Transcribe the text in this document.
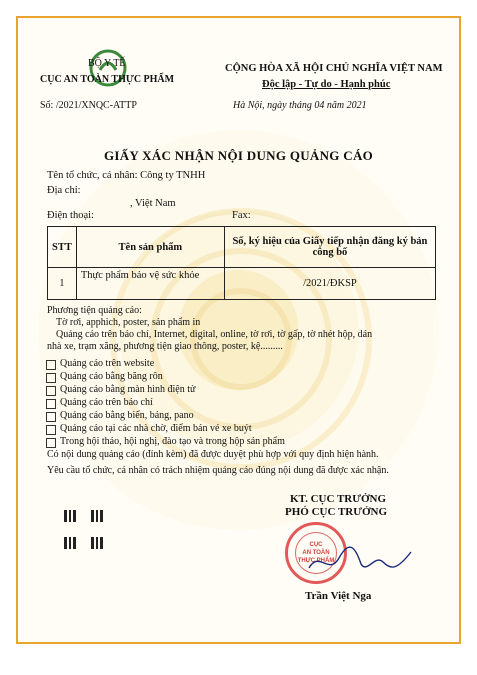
BỘ Y TẾ
CỤC AN TOÀN THỰC PHẨM
Số: /2021/XNQC-ATTP
CỘNG HÒA XÃ HỘI CHỦ NGHĨA VIỆT NAM
Độc lập - Tự do - Hạnh phúc
Hà Nội, ngày tháng 04 năm 2021
GIẤY XÁC NHẬN NỘI DUNG QUẢNG CÁO
Tên tổ chức, cá nhân: Công ty TNHH
Địa chỉ:
, Việt Nam
Điện thoại:	Fax:
STT	Tên sản phẩm	Số, ký hiệu của Giấy tiếp nhận đăng ký bản công bố
1	Thực phẩm bảo vệ sức khỏe	/2021/ĐKSP
Phương tiện quảng cáo:
Tờ rơi, apphich, poster, sản phẩm in
Quảng cáo trên báo chí, Internet, digital, online, tờ rơi, tờ gấp, tờ nhét hộp, dán
nhà xe, trạm xăng, phương tiện giao thông, poster, kệ.........
Quảng cáo trên website
Quảng cáo bằng băng rôn
Quảng cáo bằng màn hình điện tử
Quảng cáo trên báo chí
Quảng cáo bằng biển, bảng, pano
Quảng cáo tại các nhà chờ, điểm bán vé xe buýt
Trong hội thảo, hội nghị, đào tạo và trong hộp sản phẩm
Có nội dung quảng cáo (đính kèm) đã được duyệt phù hợp với quy định hiện hành.
Yêu cầu tổ chức, cá nhân có trách nhiệm quảng cáo đúng nội dung đã được xác nhận.
KT. CỤC TRƯỞNG
PHÓ CỤC TRƯỞNG
CỤC
AN TOÀN
THỰC PHẨM
Trần Việt Nga
